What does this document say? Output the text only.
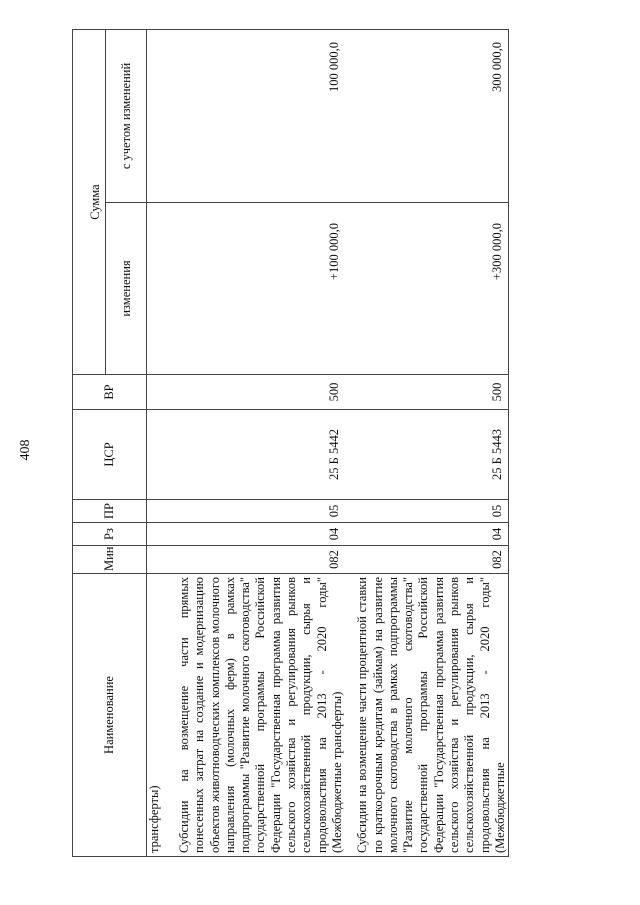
408
Наименование	Мин	Рз	ПР	ЦСР	ВР	Сумма	
						изменения	с учетом изменений
трансферты)							
Субсидии на возмещение части прямых понесенных затрат на создание и модернизацию объектов животноводческих комплексов молочного направления (молочных ферм) в рамках подпрограммы "Развитие молочного скотоводства" государственной программы Российской Федерации "Государственная программа развития сельского хозяйства и регулирования рынков сельскохозяйственной продукции, сырья и продовольствия на 2013 - 2020 годы" (Межбюджетные трансферты)	082	04	05	25 Б 5442	500	+100 000,0	100 000,0
Субсидии на возмещение части процентной ставки по краткосрочным кредитам (займам) на развитие молочного скотоводства в рамках подпрограммы "Развитие молочного скотоводства" государственной программы Российской Федерации "Государственная программа развития сельского хозяйства и регулирования рынков сельскохозяйственной продукции, сырья и продовольствия на 2013 - 2020 годы" (Межбюджетные	082	04	05	25 Б 5443	500	+300 000,0	300 000,0
